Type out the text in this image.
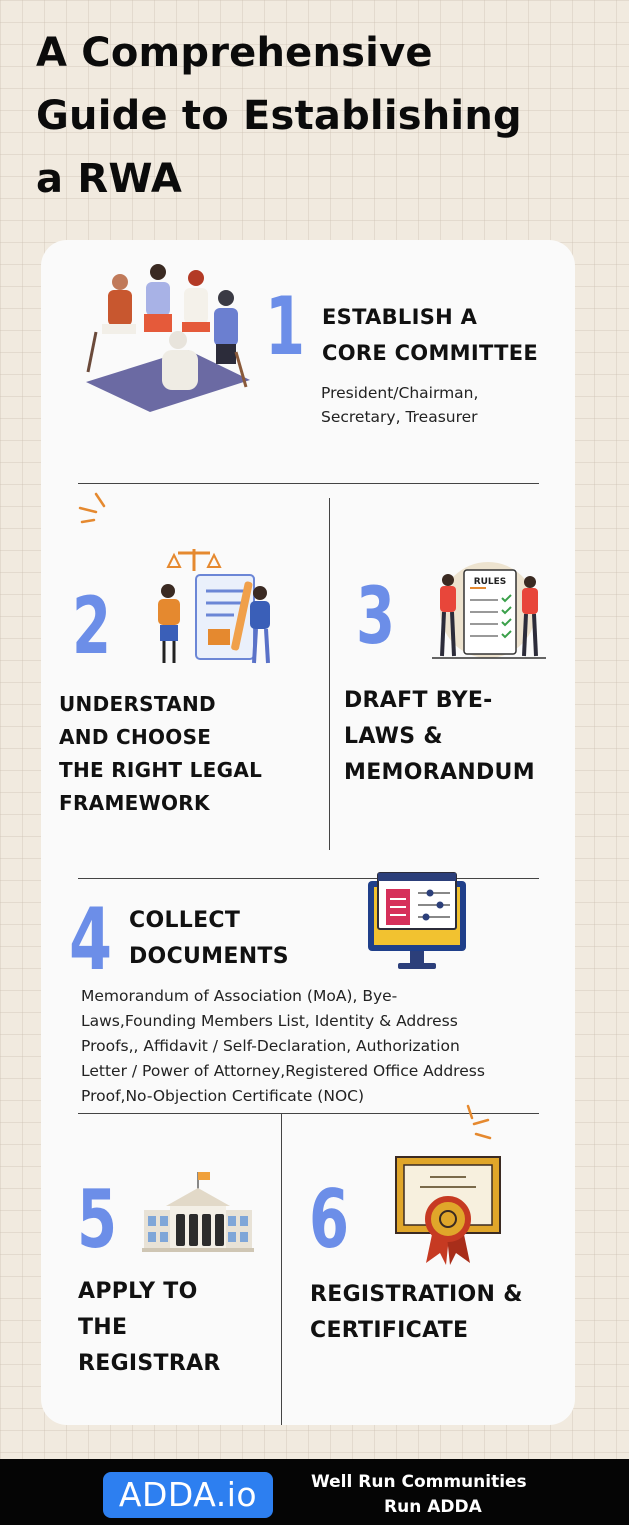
A Comprehensive
Guide to Establishing
a RWA
1 ESTABLISH A
CORE COMMITTEE
President/Chairman,
Secretary, Treasurer
2
UNDERSTAND
AND CHOOSE
THE RIGHT LEGAL
FRAMEWORK
RULES
3
DRAFT BYE-
LAWS &
MEMORANDUM
4 COLLECT
DOCUMENTS
Memorandum of Association (MoA), Bye-
Laws,Founding Members List, Identity & Address
Proofs,, Affidavit / Self-Declaration, Authorization
Letter / Power of Attorney,Registered Office Address
Proof,No-Objection Certificate (NOC)
5
APPLY TO
THE
REGISTRAR
6
REGISTRATION &
CERTIFICATE
ADDA.io	Well Run Communities
Run ADDA
